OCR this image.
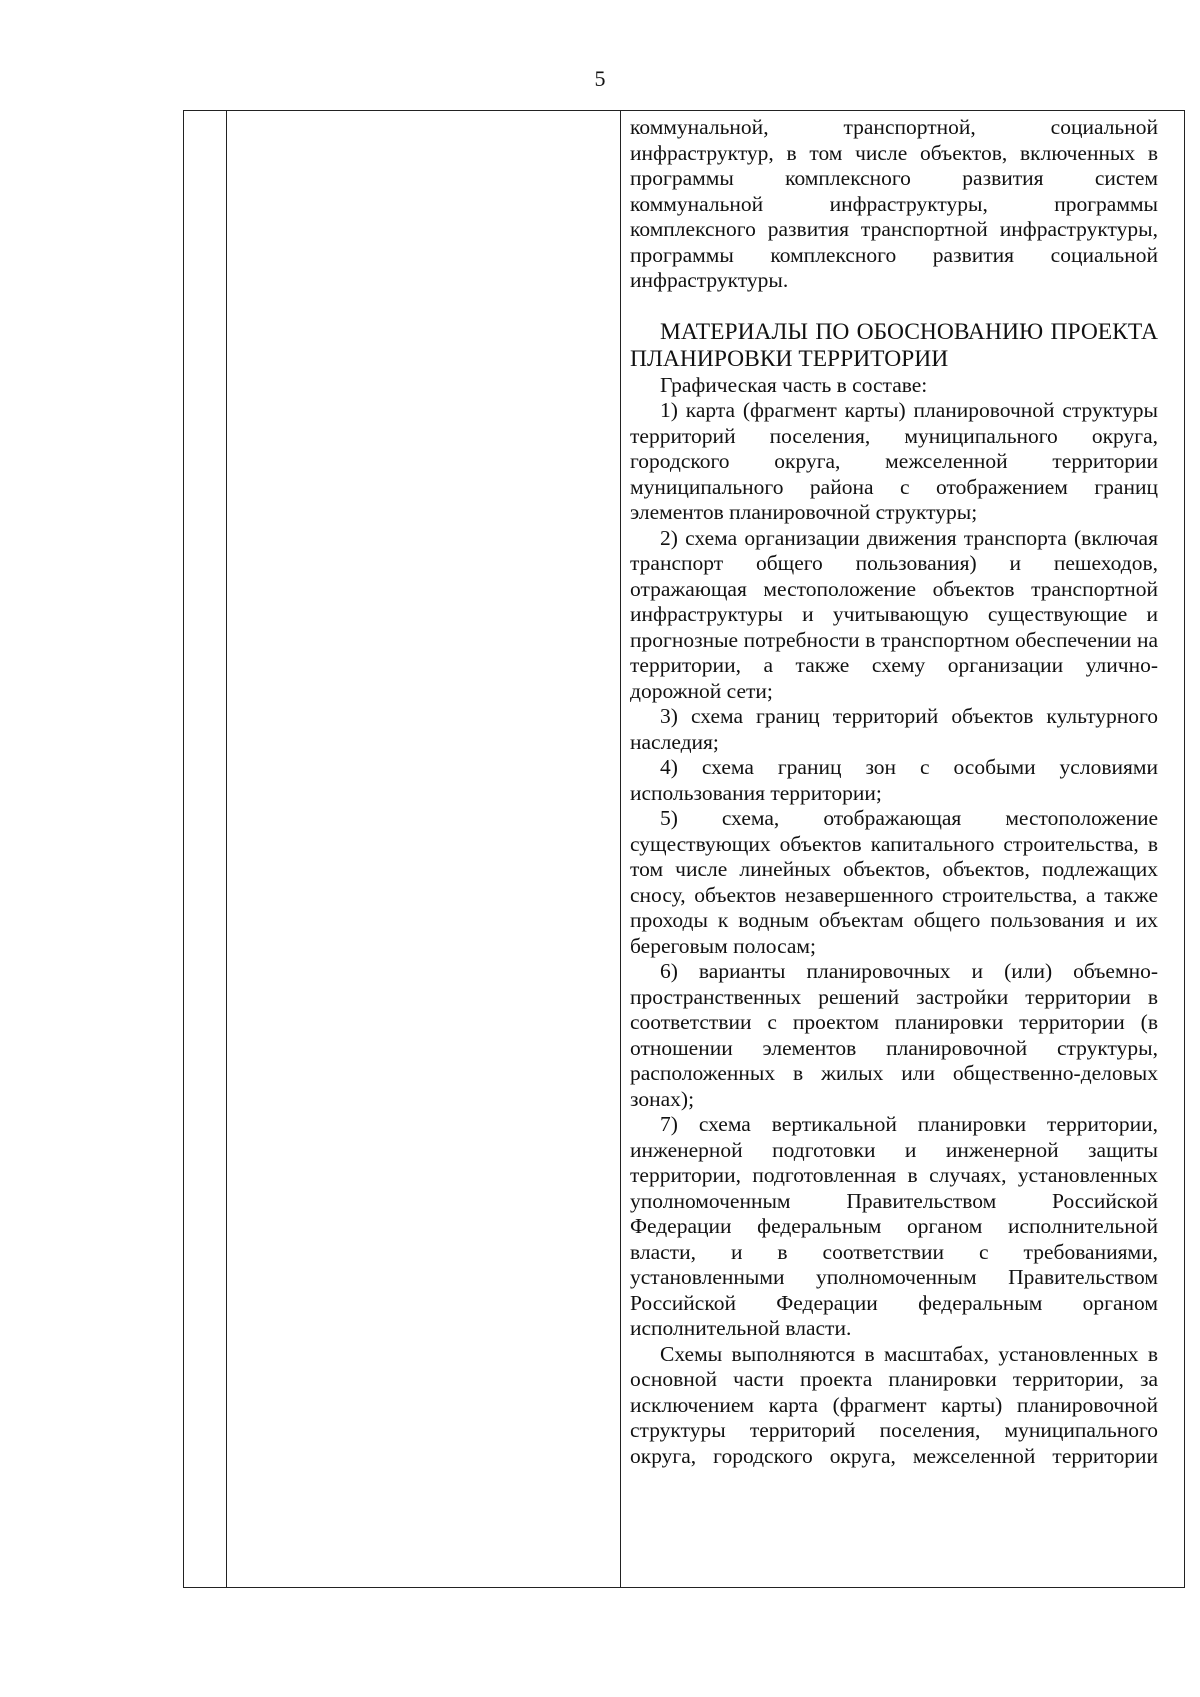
5

коммунальной, транспортной, социальной инфраструктур, в том числе объектов, включенных в программы комплексного развития систем коммунальной инфраструктуры, программы комплексного развития транспортной инфраструктуры, программы комплексного развития социальной инфраструктуры.

МАТЕРИАЛЫ ПО ОБОСНОВАНИЮ ПРОЕКТА ПЛАНИРОВКИ ТЕРРИТОРИИ

Графическая часть в составе:

1) карта (фрагмент карты) планировочной структуры территорий поселения, муниципального округа, городского округа, межселенной территории муниципального района с отображением границ элементов планировочной структуры;

2) схема организации движения транспорта (включая транспорт общего пользования) и пешеходов, отражающая местоположение объектов транспортной инфраструктуры и учитывающую существующие и прогнозные потребности в транспортном обеспечении на территории, а также схему организации улично-дорожной сети;

3) схема границ территорий объектов культурного наследия;

4) схема границ зон с особыми условиями использования территории;

5) схема, отображающая местоположение существующих объектов капитального строительства, в том числе линейных объектов, объектов, подлежащих сносу, объектов незавершенного строительства, а также проходы к водным объектам общего пользования и их береговым полосам;

6) варианты планировочных и (или) объемно-пространственных решений застройки территории в соответствии с проектом планировки территории (в отношении элементов планировочной структуры, расположенных в жилых или общественно-деловых зонах);

7) схема вертикальной планировки территории, инженерной подготовки и инженерной защиты территории, подготовленная в случаях, установленных уполномоченным Правительством Российской Федерации федеральным органом исполнительной власти, и в соответствии с требованиями, установленными уполномоченным Правительством Российской Федерации федеральным органом исполнительной власти.

Схемы выполняются в масштабах, установленных в основной части проекта планировки территории, за исключением карта (фрагмент карты) планировочной структуры территорий поселения, муниципального округа, городского округа, межселенной территории
